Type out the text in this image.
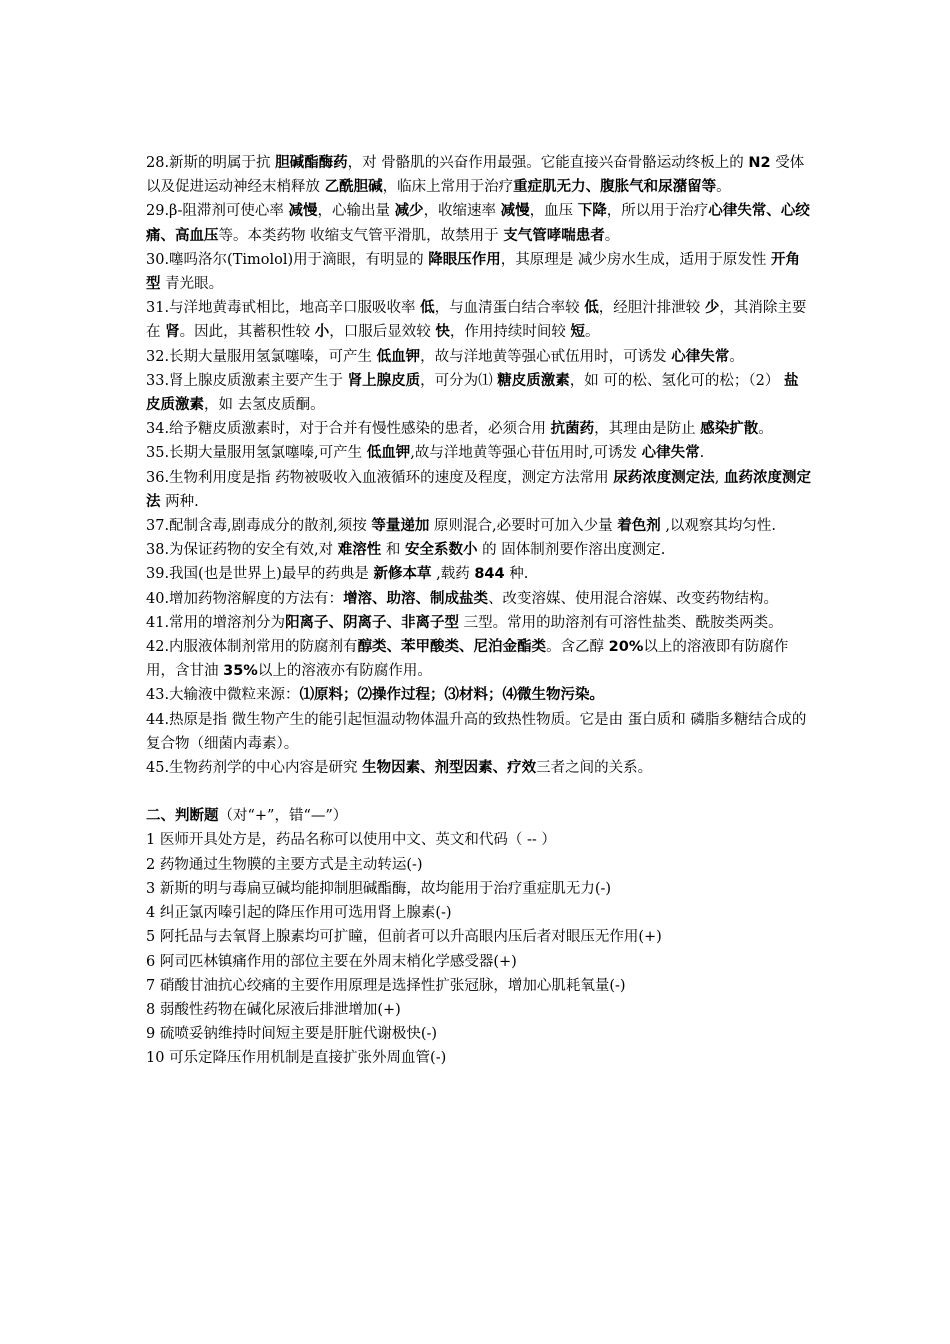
28.新斯的明属于抗 胆碱酯酶药，对 骨骼肌的兴奋作用最强。它能直接兴奋骨骼运动终板上的 N2 受体以及促进运动神经末梢释放 乙酰胆碱，临床上常用于治疗重症肌无力、腹胀气和尿潴留等。

29.β-阻滞剂可使心率 减慢，心输出量 减少，收缩速率 减慢，血压 下降，所以用于治疗心律失常、心绞痛、高血压等。本类药物 收缩支气管平滑肌，故禁用于 支气管哮喘患者。

30.噻吗洛尔(Timolol)用于滴眼，有明显的 降眼压作用，其原理是 减少房水生成，适用于原发性 开角型 青光眼。

31.与洋地黄毒甙相比，地高辛口服吸收率 低，与血清蛋白结合率较 低，经胆汁排泄较 少，其消除主要在 肾。因此，其蓄积性较 小，口服后显效较 快，作用持续时间较 短。

32.长期大量服用氢氯噻嗪，可产生 低血钾，故与洋地黄等强心甙伍用时，可诱发 心律失常。

33.肾上腺皮质激素主要产生于 肾上腺皮质，可分为⑴ 糖皮质激素，如 可的松、氢化可的松；（2） 盐皮质激素，如 去氢皮质酮。

34.给予糖皮质激素时，对于合并有慢性感染的患者，必须合用 抗菌药，其理由是防止 感染扩散。

35.长期大量服用氢氯噻嗪,可产生 低血钾,故与洋地黄等强心苷伍用时,可诱发 心律失常.

36.生物利用度是指 药物被吸收入血液循环的速度及程度，测定方法常用 尿药浓度测定法, 血药浓度测定法 两种.

37.配制含毒,剧毒成分的散剂,须按 等量递加 原则混合,必要时可加入少量 着色剂 ,以观察其均匀性.

38.为保证药物的安全有效,对 难溶性 和 安全系数小 的 固体制剂要作溶出度测定.

39.我国(也是世界上)最早的药典是 新修本草 ,载药 844 种.

40.增加药物溶解度的方法有：增溶、助溶、制成盐类、改变溶媒、使用混合溶媒、改变药物结构。

41.常用的增溶剂分为阳离子、阴离子、非离子型 三型。常用的助溶剂有可溶性盐类、酰胺类两类。

42.内服液体制剂常用的防腐剂有醇类、苯甲酸类、尼泊金酯类。含乙醇 20%以上的溶液即有防腐作用，含甘油 35%以上的溶液亦有防腐作用。

43.大输液中微粒来源：⑴原料；⑵操作过程；⑶材料；⑷微生物污染。

44.热原是指 微生物产生的能引起恒温动物体温升高的致热性物质。它是由 蛋白质和 磷脂多糖结合成的复合物（细菌内毒素）。

45.生物药剂学的中心内容是研究 生物因素、剂型因素、疗效三者之间的关系。

二、判断题（对“+”，错“—”）

1 医师开具处方是，药品名称可以使用中文、英文和代码（ -- ）

2 药物通过生物膜的主要方式是主动转运(-)

3 新斯的明与毒扁豆碱均能抑制胆碱酯酶，故均能用于治疗重症肌无力(-)

4 纠正氯丙嗪引起的降压作用可选用肾上腺素(-)

5 阿托品与去氧肾上腺素均可扩瞳，但前者可以升高眼内压后者对眼压无作用(+)

6 阿司匹林镇痛作用的部位主要在外周末梢化学感受器(+)

7 硝酸甘油抗心绞痛的主要作用原理是选择性扩张冠脉，增加心肌耗氧量(-)

8 弱酸性药物在碱化尿液后排泄增加(+)

9 硫喷妥钠维持时间短主要是肝脏代谢极快(-)

10 可乐定降压作用机制是直接扩张外周血管(-)
